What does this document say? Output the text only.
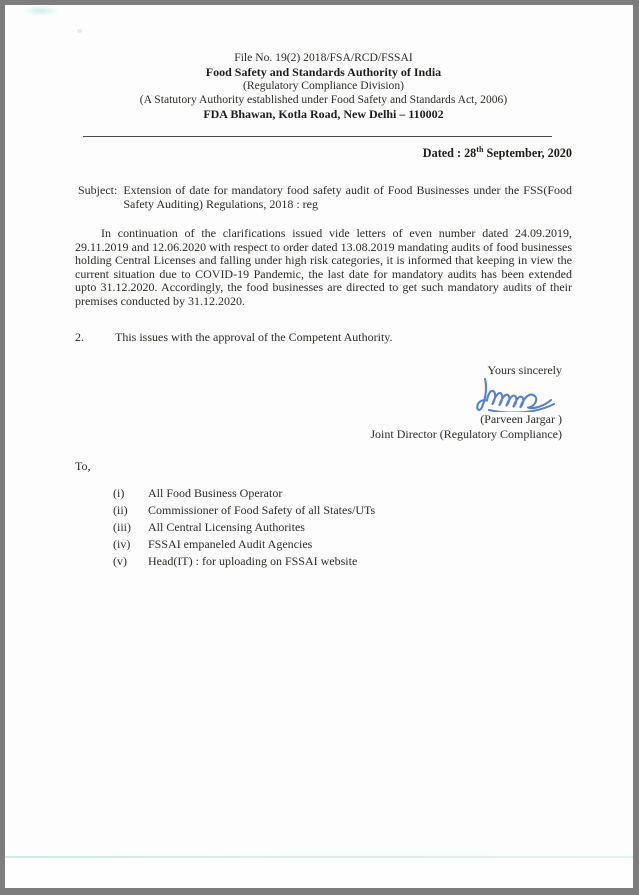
File No. 19(2) 2018/FSA/RCD/FSSAI
Food Safety and Standards Authority of India
(Regulatory Compliance Division)
(A Statutory Authority established under Food Safety and Standards Act, 2006)
FDA Bhawan, Kotla Road, New Delhi – 110002
Dated : 28th September, 2020
Subject: Extension of date for mandatory food safety audit of Food Businesses under the FSS(Food Safety Auditing) Regulations, 2018 : reg
In continuation of the clarifications issued vide letters of even number dated 24.09.2019, 29.11.2019 and 12.06.2020 with respect to order dated 13.08.2019 mandating audits of food businesses holding Central Licenses and falling under high risk categories, it is informed that keeping in view the current situation due to COVID-19 Pandemic, the last date for mandatory audits has been extended upto 31.12.2020. Accordingly, the food businesses are directed to get such mandatory audits of their premises conducted by 31.12.2020.
2.	This issues with the approval of the Competent Authority.
Yours sincerely
(Parveen Jargar )
Joint Director (Regulatory Compliance)
To,
(i)	All Food Business Operator
(ii)	Commissioner of Food Safety of all States/UTs
(iii)	All Central Licensing Authorites
(iv)	FSSAI empaneled Audit Agencies
(v)	Head(IT) : for uploading on FSSAI website
